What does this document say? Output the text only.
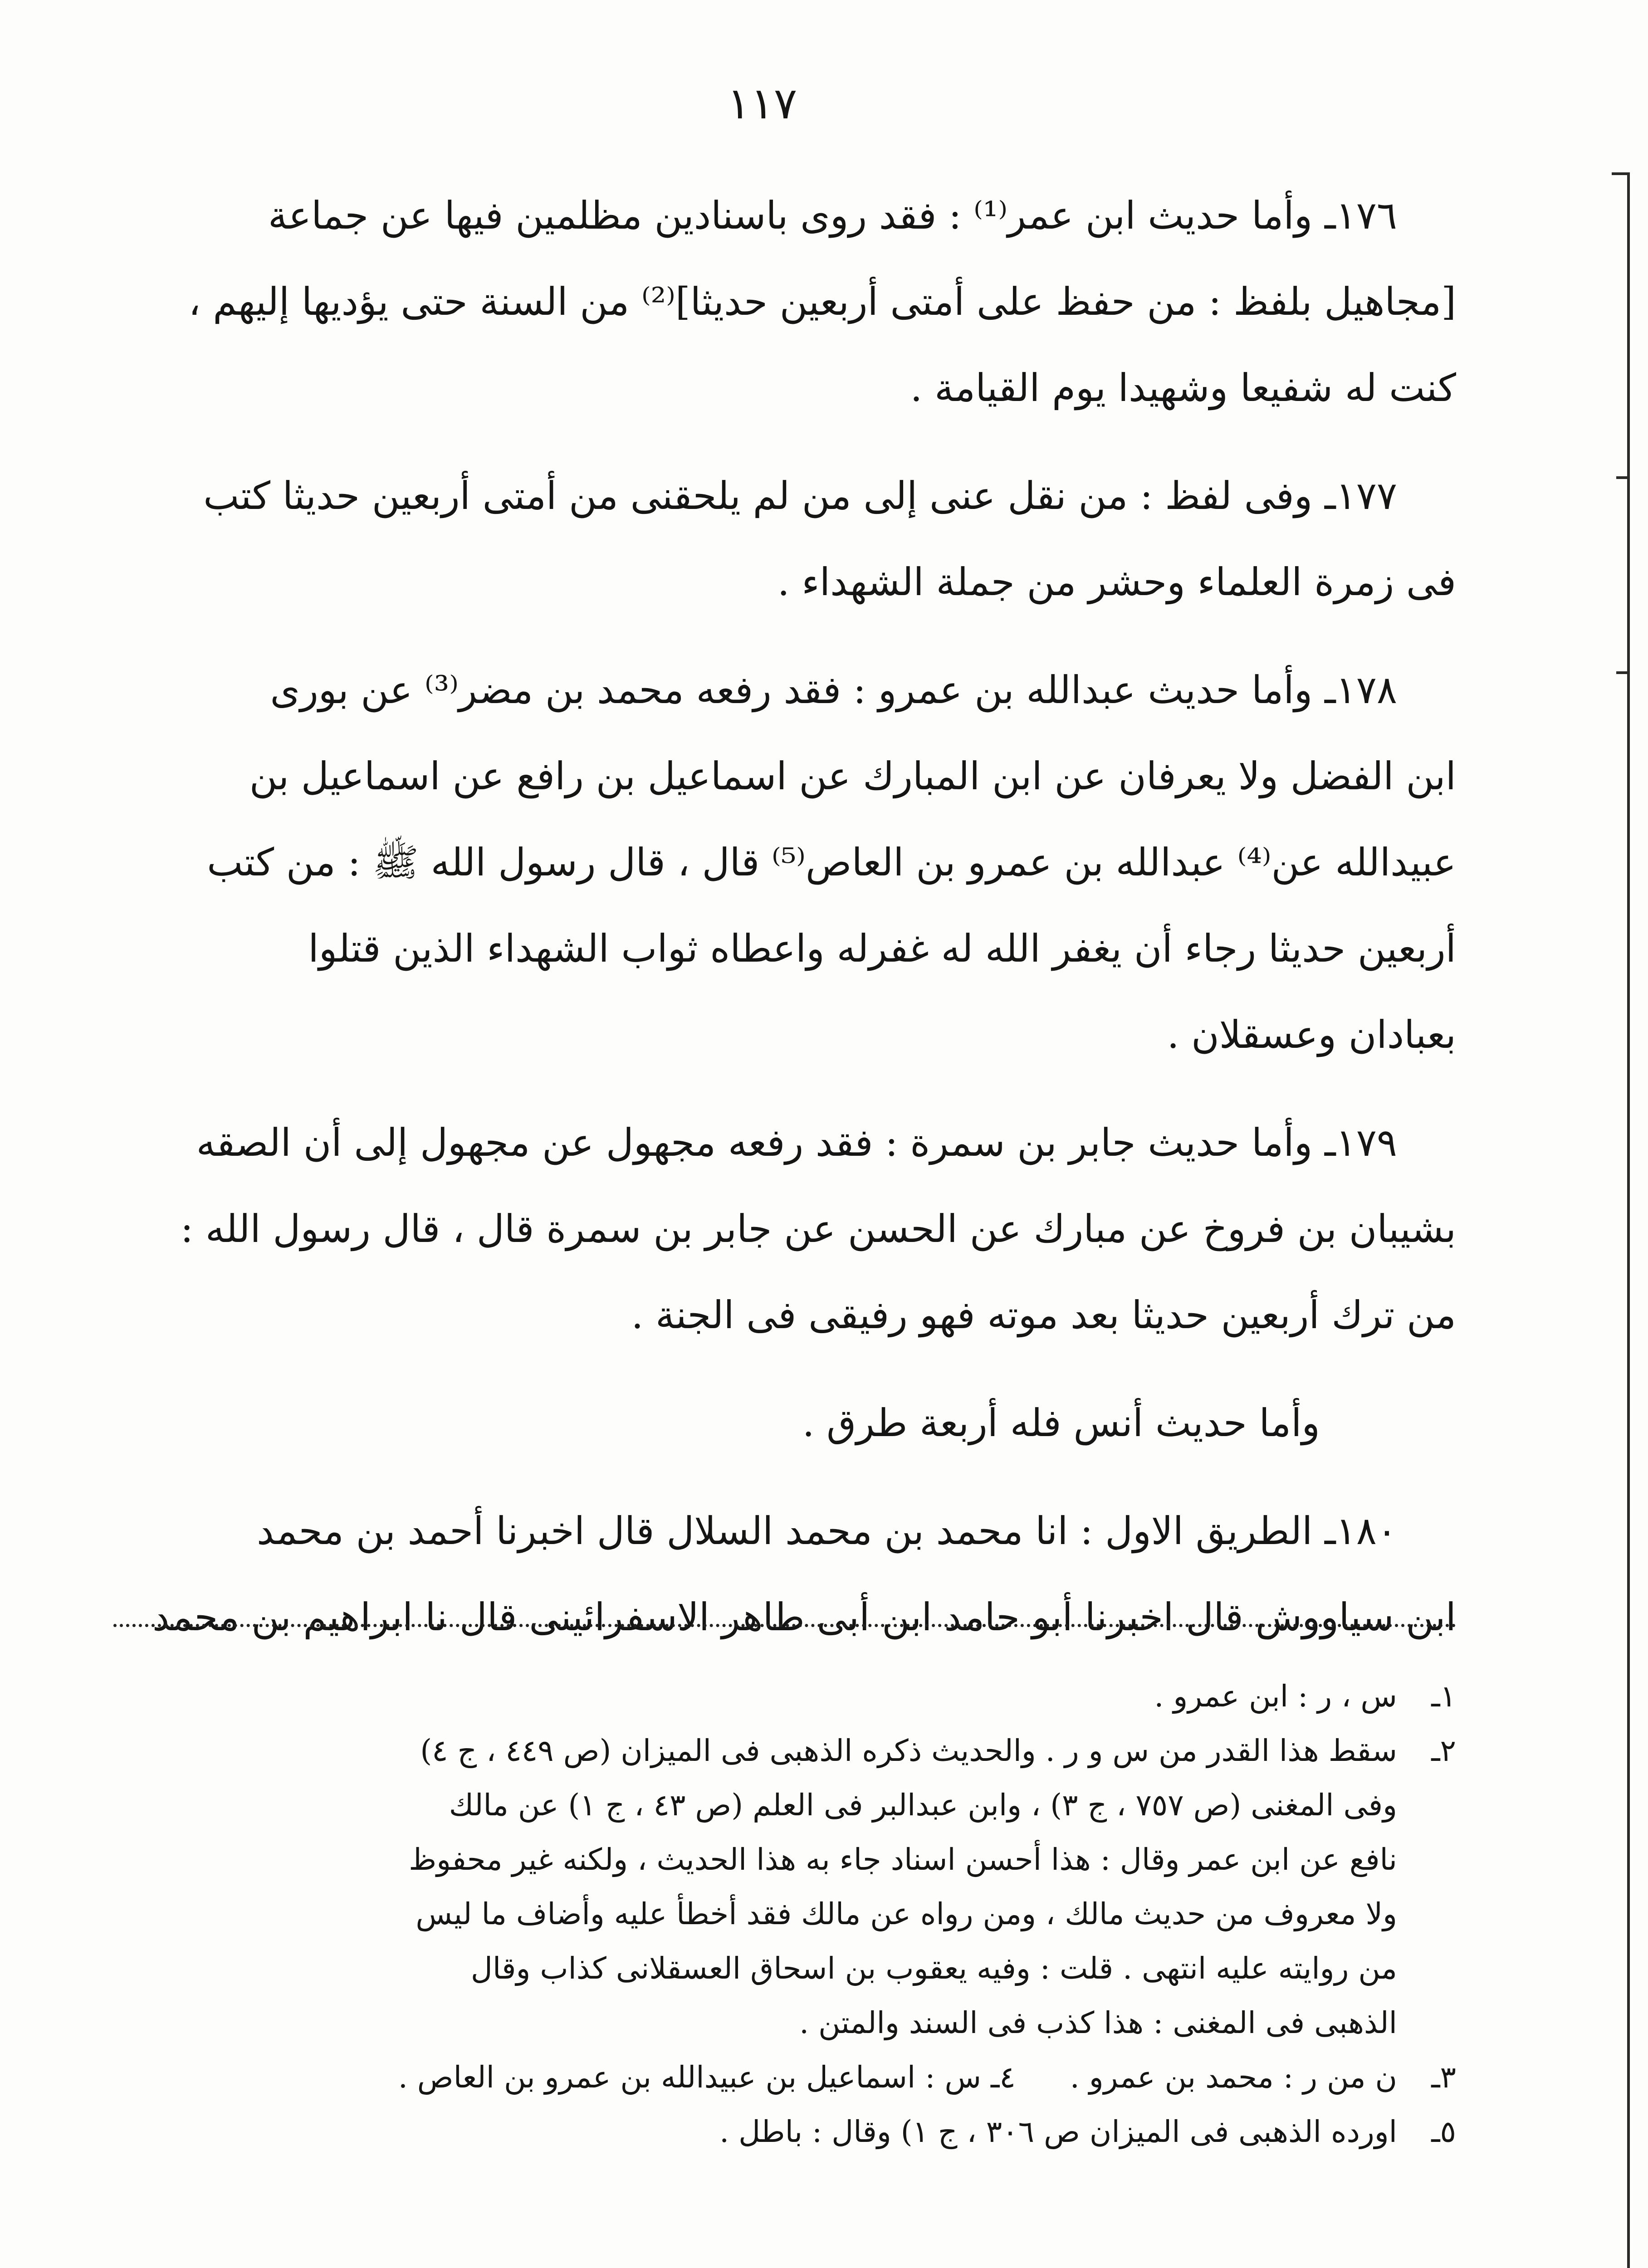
١١٧

١٧٦ـ وأما حديث ابن عمر⁽¹⁾ : فقد روى باسنادين مظلمين فيها عن جماعة
[مجاهيل بلفظ : من حفظ على أمتى أربعين حديثا]⁽²⁾ من السنة حتى يؤديها إليهم ،
كنت له شفيعا وشهيدا يوم القيامة .

١٧٧ـ وفى لفظ : من نقل عنى إلى من لم يلحقنى من أمتى أربعين حديثا كتب
فى زمرة العلماء وحشر من جملة الشهداء .

١٧٨ـ وأما حديث عبدالله بن عمرو : فقد رفعه محمد بن مضر⁽³⁾ عن بورى
ابن الفضل ولا يعرفان عن ابن المبارك عن اسماعيل بن رافع عن اسماعيل بن
عبيدالله عن⁽⁴⁾ عبدالله بن عمرو بن العاص⁽⁵⁾ قال ، قال رسول الله ﷺ : من كتب
أربعين حديثا رجاء أن يغفر الله له غفرله واعطاه ثواب الشهداء الذين قتلوا
بعبادان وعسقلان .

١٧٩ـ وأما حديث جابر بن سمرة : فقد رفعه مجهول عن مجهول إلى أن الصقه
بشيبان بن فروخ عن مبارك عن الحسن عن جابر بن سمرة قال ، قال رسول الله :
من ترك أربعين حديثا بعد موته فهو رفيقى فى الجنة .

وأما حديث أنس فله أربعة طرق .

١٨٠ـ الطريق الاول : انا محمد بن محمد السلال قال اخبرنا أحمد بن محمد
ابن سياووش قال اخبرنا أبو حامد ابن أبى طاهر الاسفرائينى قال نا ابراهيم بن محمد

١ـ
س ، ر : ابن عمرو .
٢ـ
سقط هذا القدر من س و ر . والحديث ذكره الذهبى فى الميزان (ص ٤٤٩ ، ج ٤)
وفى المغنى (ص ٧٥٧ ، ج ٣) ، وابن عبدالبر فى العلم (ص ٤٣ ، ج ١) عن مالك
نافع عن ابن عمر وقال : هذا أحسن اسناد جاء به هذا الحديث ، ولكنه غير محفوظ
ولا معروف من حديث مالك ، ومن رواه عن مالك فقد أخطأ عليه وأضاف ما ليس
من روايته عليه انتهى . قلت : وفيه يعقوب بن اسحاق العسقلانى كذاب وقال
الذهبى فى المغنى : هذا كذب فى السند والمتن .
٣ـ
ن من ر : محمد بن عمرو .
٤ـ س : اسماعيل بن عبيدالله بن عمرو بن العاص .
٥ـ
اورده الذهبى فى الميزان ص ٣٠٦ ، ج ١) وقال : باطل .
